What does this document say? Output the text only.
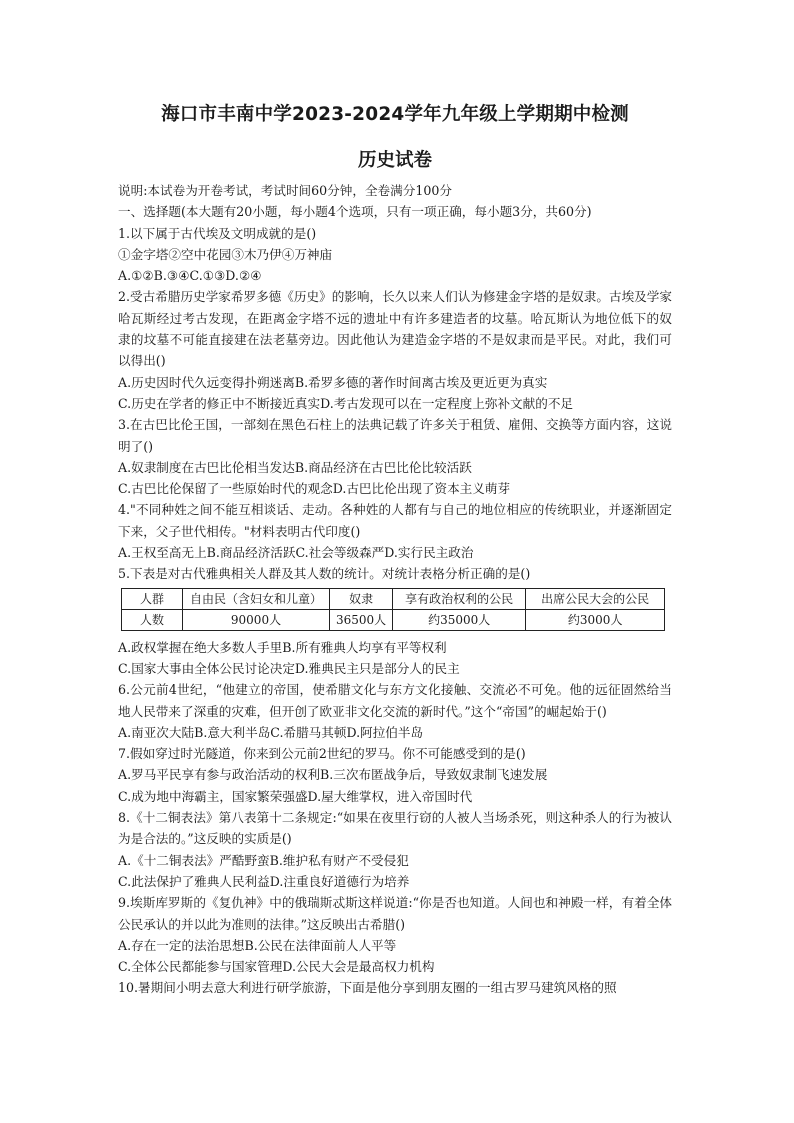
海口市丰南中学2023-2024学年九年级上学期期中检测
历史试卷
说明:本试卷为开卷考试，考试时间60分钟，全卷满分100分
一、选择题(本大题有20小题，每小题4个选项，只有一项正确，每小题3分，共60分)
1.以下属于古代埃及文明成就的是()
①金字塔②空中花园③木乃伊④万神庙
A.①②B.③④C.①③D.②④
2.受古希腊历史学家希罗多德《历史》的影响，长久以来人们认为修建金字塔的是奴隶。古埃及学家哈瓦斯经过考古发现，在距离金字塔不远的遗址中有许多建造者的坟墓。哈瓦斯认为地位低下的奴隶的坟墓不可能直接建在法老墓旁边。因此他认为建造金字塔的不是奴隶而是平民。对此，我们可以得出()
A.历史因时代久远变得扑朔迷离B.希罗多德的著作时间离古埃及更近更为真实
C.历史在学者的修正中不断接近真实D.考古发现可以在一定程度上弥补文献的不足
3.在古巴比伦王国，一部刻在黑色石柱上的法典记载了许多关于租赁、雇佣、交换等方面内容，这说明了()
A.奴隶制度在古巴比伦相当发达B.商品经济在古巴比伦比较活跃
C.古巴比伦保留了一些原始时代的观念D.古巴比伦出现了资本主义萌芽
4."不同种姓之间不能互相谈话、走动。各种姓的人都有与自己的地位相应的传统职业，并逐渐固定下来，父子世代相传。"材料表明古代印度()
A.王权至高无上B.商品经济活跃C.社会等级森严D.实行民主政治
5.下表是对古代雅典相关人群及其人数的统计。对统计表格分析正确的是()
人群	自由民（含妇女和儿童）	奴隶	享有政治权利的公民	出席公民大会的公民
人数	90000人	36500人	约35000人	约3000人
A.政权掌握在绝大多数人手里B.所有雅典人均享有平等权利
C.国家大事由全体公民讨论决定D.雅典民主只是部分人的民主
6.公元前4世纪，“他建立的帝国，使希腊文化与东方文化接触、交流必不可免。他的远征固然给当地人民带来了深重的灾难，但开创了欧亚非文化交流的新时代。”这个“帝国”的崛起始于()
A.南亚次大陆B.意大利半岛C.希腊马其顿D.阿拉伯半岛
7.假如穿过时光隧道，你来到公元前2世纪的罗马。你不可能感受到的是()
A.罗马平民享有参与政治活动的权利B.三次布匿战争后，导致奴隶制飞速发展
C.成为地中海霸主，国家繁荣强盛D.屋大维掌权，进入帝国时代
8.《十二铜表法》第八表第十二条规定:“如果在夜里行窃的人被人当场杀死，则这种杀人的行为被认为是合法的。”这反映的实质是()
A.《十二铜表法》严酷野蛮B.维护私有财产不受侵犯
C.此法保护了雅典人民利益D.注重良好道德行为培养
9.埃斯库罗斯的《复仇神》中的俄瑞斯忒斯这样说道:“你是否也知道。人间也和神殿一样，有着全体公民承认的并以此为准则的法律。”这反映出古希腊()
A.存在一定的法治思想B.公民在法律面前人人平等
C.全体公民都能参与国家管理D.公民大会是最高权力机构
10.暑期间小明去意大利进行研学旅游，下面是他分享到朋友圈的一组古罗马建筑风格的照
